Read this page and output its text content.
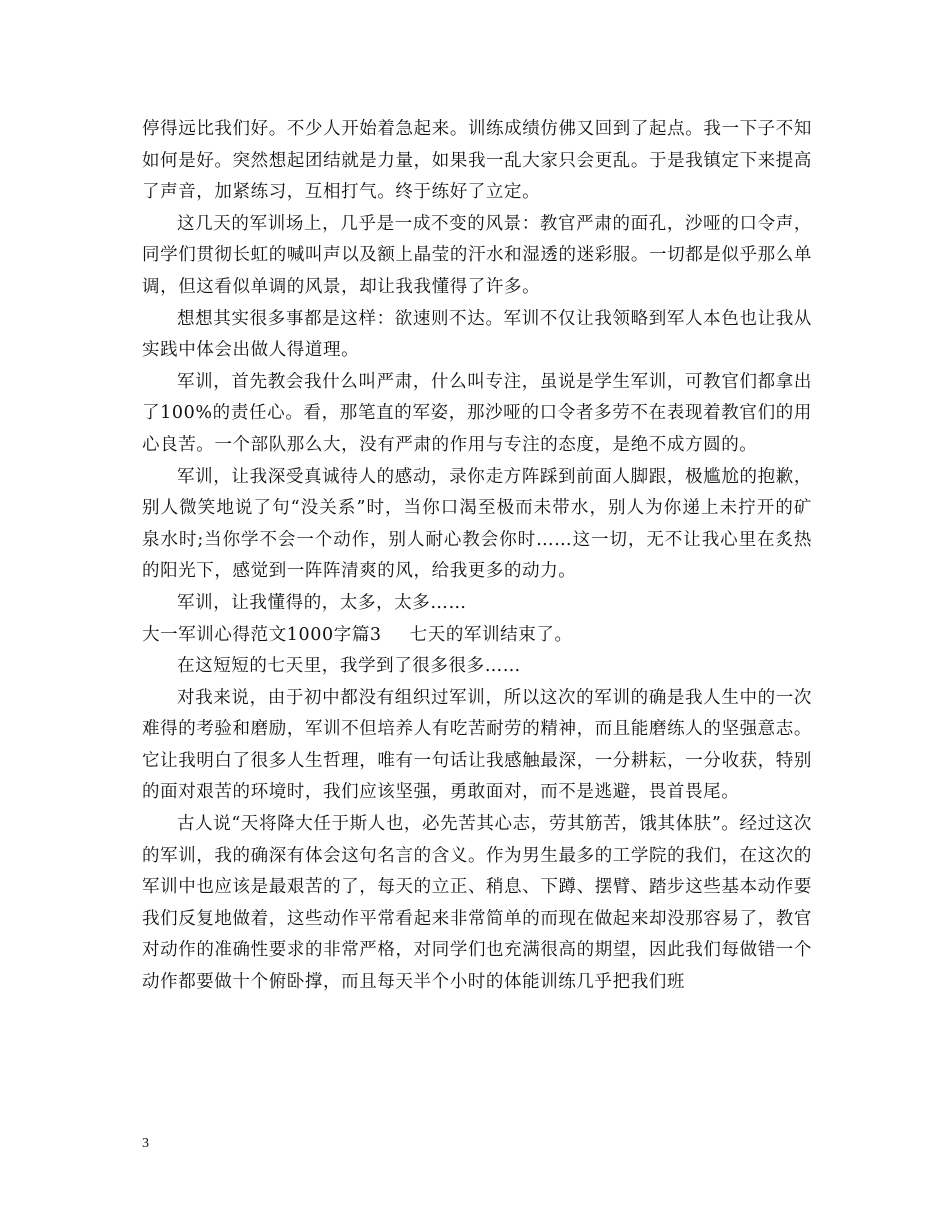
停得远比我们好。不少人开始着急起来。训练成绩仿佛又回到了起点。我一下子不知如何是好。突然想起团结就是力量，如果我一乱大家只会更乱。于是我镇定下来提高了声音，加紧练习，互相打气。终于练好了立定。

这几天的军训场上，几乎是一成不变的风景：教官严肃的面孔，沙哑的口令声，同学们贯彻长虹的喊叫声以及额上晶莹的汗水和湿透的迷彩服。一切都是似乎那么单调，但这看似单调的风景，却让我我懂得了许多。

想想其实很多事都是这样：欲速则不达。军训不仅让我领略到军人本色也让我从实践中体会出做人得道理。

军训，首先教会我什么叫严肃，什么叫专注，虽说是学生军训，可教官们都拿出了100%的责任心。看，那笔直的军姿，那沙哑的口令者多劳不在表现着教官们的用心良苦。一个部队那么大，没有严肃的作用与专注的态度，是绝不成方圆的。

军训，让我深受真诚待人的感动，录你走方阵踩到前面人脚跟，极尴尬的抱歉，别人微笑地说了句“没关系”时，当你口渴至极而未带水，别人为你递上未拧开的矿泉水时;当你学不会一个动作，别人耐心教会你时……这一切，无不让我心里在炙热的阳光下，感觉到一阵阵清爽的风，给我更多的动力。

军训，让我懂得的，太多，太多……

大一军训心得范文1000字篇3 七天的军训结束了。

在这短短的七天里，我学到了很多很多……

对我来说，由于初中都没有组织过军训，所以这次的军训的确是我人生中的一次难得的考验和磨励，军训不但培养人有吃苦耐劳的精神，而且能磨练人的坚强意志。它让我明白了很多人生哲理，唯有一句话让我感触最深，一分耕耘，一分收获，特别的面对艰苦的环境时，我们应该坚强，勇敢面对，而不是逃避，畏首畏尾。

古人说“天将降大任于斯人也，必先苦其心志，劳其筋苦，饿其体肤”。经过这次的军训，我的确深有体会这句名言的含义。作为男生最多的工学院的我们，在这次的军训中也应该是最艰苦的了，每天的立正、稍息、下蹲、摆臂、踏步这些基本动作要我们反复地做着，这些动作平常看起来非常简单的而现在做起来却没那容易了，教官对动作的准确性要求的非常严格，对同学们也充满很高的期望，因此我们每做错一个动作都要做十个俯卧撑，而且每天半个小时的体能训练几乎把我们班

3
